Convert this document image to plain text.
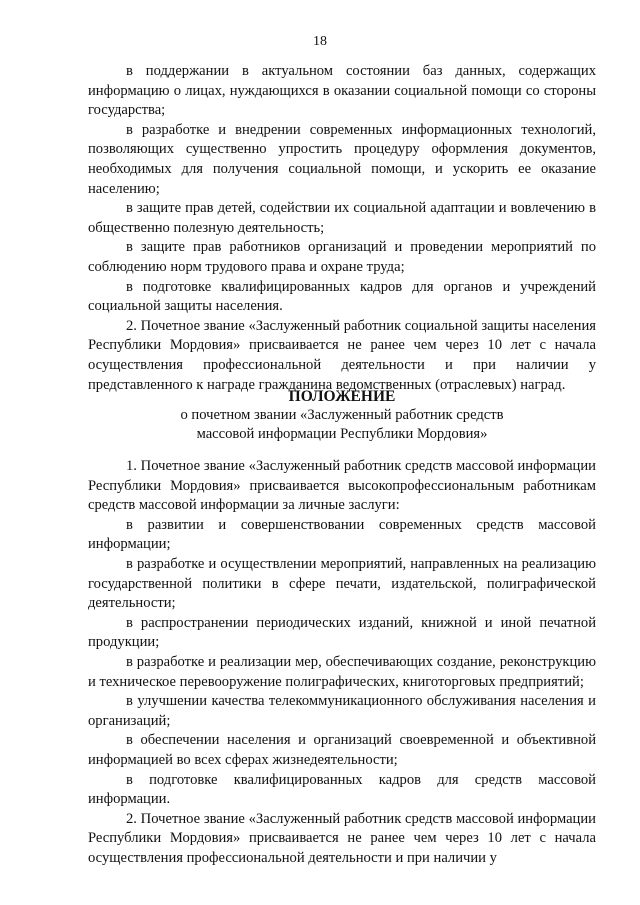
18

в поддержании в актуальном состоянии баз данных, содержащих информацию о лицах, нуждающихся в оказании социальной помощи со стороны государства;

в разработке и внедрении современных информационных технологий, позволяющих существенно упростить процедуру оформления документов, необходимых для получения социальной помощи, и ускорить ее оказание населению;

в защите прав детей, содействии их социальной адаптации и вовлечению в общественно полезную деятельность;

в защите прав работников организаций и проведении мероприятий по соблюдению норм трудового права и охране труда;

в подготовке квалифицированных кадров для органов и учреждений социальной защиты населения.

2. Почетное звание «Заслуженный работник социальной защиты населения Республики Мордовия» присваивается не ранее чем через 10 лет с начала осуществления профессиональной деятельности и при наличии у представленного к награде гражданина ведомственных (отраслевых) наград.

ПОЛОЖЕНИЕ
о почетном звании «Заслуженный работник средств
массовой информации Республики Мордовия»

1. Почетное звание «Заслуженный работник средств массовой информации Республики Мордовия» присваивается высокопрофессиональным работникам средств массовой информации за личные заслуги:

в развитии и совершенствовании современных средств массовой информации;

в разработке и осуществлении мероприятий, направленных на реализацию государственной политики в сфере печати, издательской, полиграфической деятельности;

в распространении периодических изданий, книжной и иной печатной продукции;

в разработке и реализации мер, обеспечивающих создание, реконструкцию и техническое перевооружение полиграфических, книготорговых предприятий;

в улучшении качества телекоммуникационного обслуживания населения и организаций;

в обеспечении населения и организаций своевременной и объективной информацией во всех сферах жизнедеятельности;

в подготовке квалифицированных кадров для средств массовой информации.

2. Почетное звание «Заслуженный работник средств массовой информации Республики Мордовия» присваивается не ранее чем через 10 лет с начала осуществления профессиональной деятельности и при наличии у
